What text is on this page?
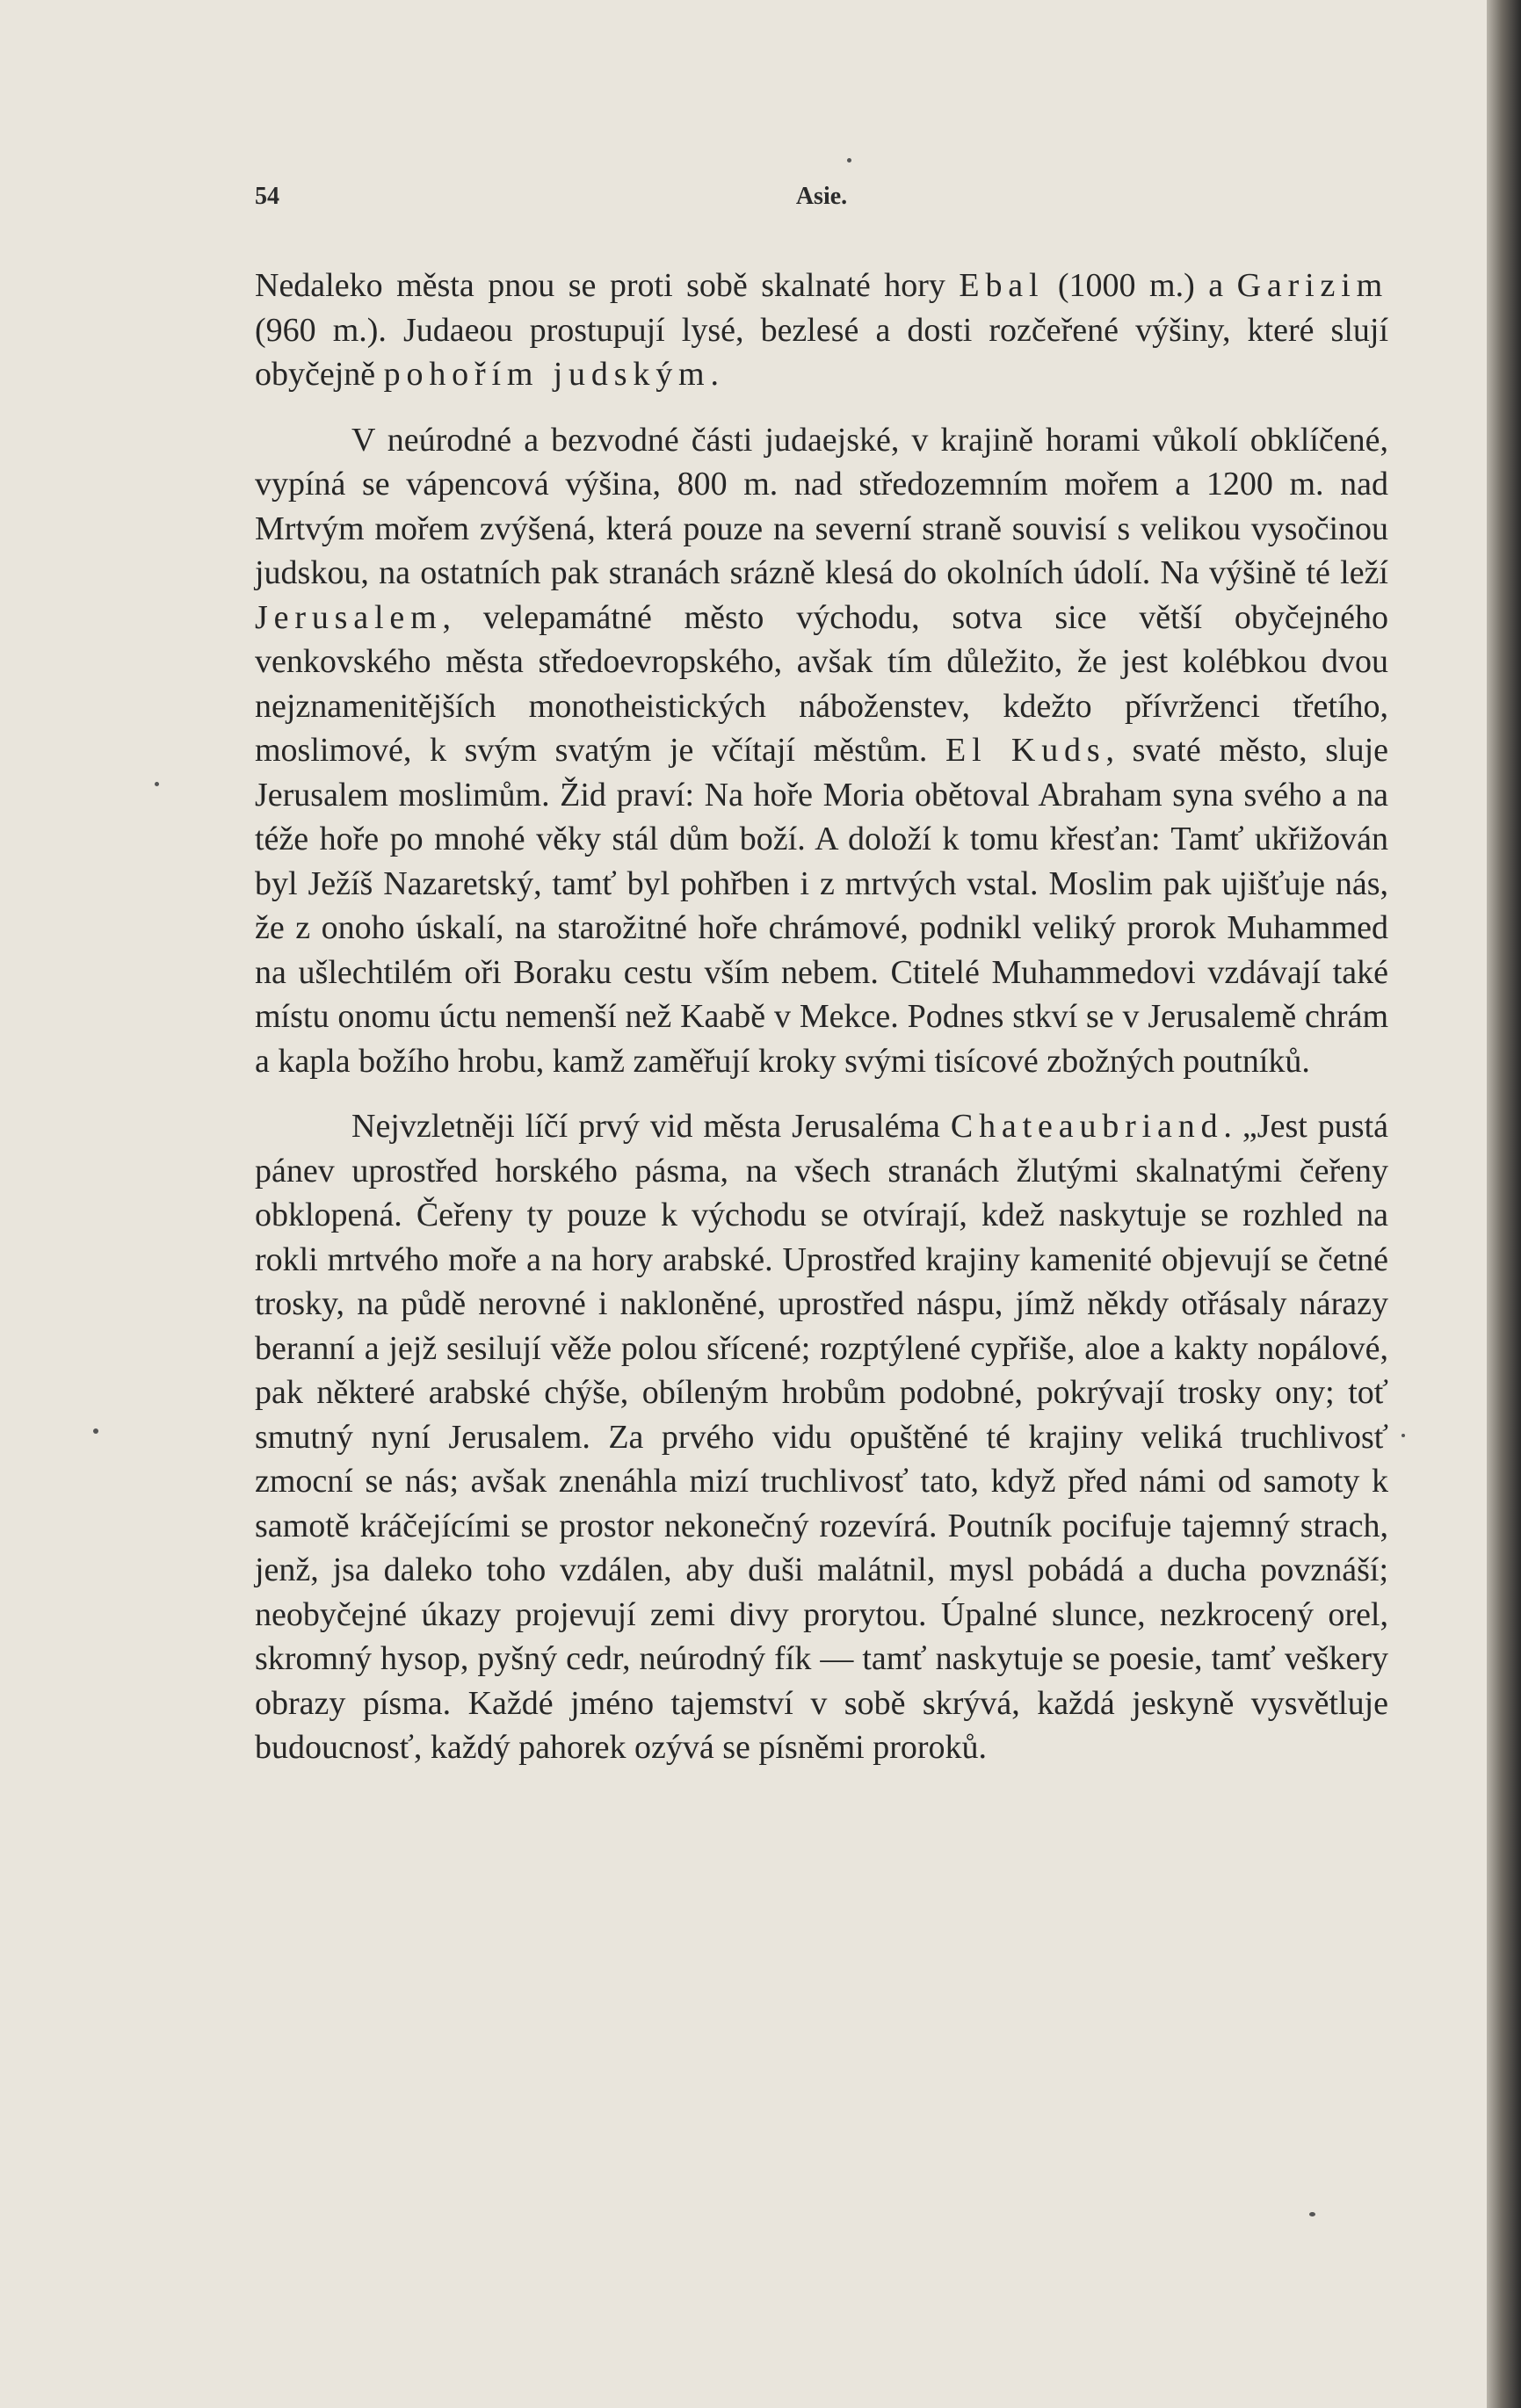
54	Asie.

Nedaleko města pnou se proti sobě skalnaté hory Ebal (1000 m.) a Garizim (960 m.). Judaeou prostupují lysé, bezlesé a dosti rozčeřené výšiny, které slují obyčejně pohořím judským.

V neúrodné a bezvodné části judaejské, v krajině horami vůkolí obklíčené, vypíná se vápencová výšina, 800 m. nad středozemním mořem a 1200 m. nad Mrtvým mořem zvýšená, která pouze na severní straně souvisí s velikou vysočinou judskou, na ostatních pak stranách srázně klesá do okolních údolí. Na výšině té leží Jerusalem, velepamátné město východu, sotva sice větší obyčejného venkovského města středoevropského, avšak tím důležito, že jest kolébkou dvou nejznamenitějších monotheistických náboženstev, kdežto přívrženci třetího, moslimové, k svým svatým je včítají městům. El Kuds, svaté město, sluje Jerusalem moslimům. Žid praví: Na hoře Moria obětoval Abraham syna svého a na téže hoře po mnohé věky stál dům boží. A doloží k tomu křesťan: Tamť ukřižován byl Ježíš Nazaretský, tamť byl pohřben i z mrtvých vstal. Moslim pak ujišťuje nás, že z onoho úskalí, na starožitné hoře chrámové, podnikl veliký prorok Muhammed na ušlechtilém oři Boraku cestu vším nebem. Ctitelé Muhammedovi vzdávají také místu onomu úctu nemenší než Kaabě v Mekce. Podnes stkví se v Jerusalemě chrám a kapla božího hrobu, kamž zaměřují kroky svými tisícové zbožných poutníků.

Nejvzletněji líčí prvý vid města Jerusaléma Chateaubriand. „Jest pustá pánev uprostřed horského pásma, na všech stranách žlutými skalnatými čeřeny obklopená. Čeřeny ty pouze k východu se otvírají, kdež naskytuje se rozhled na rokli mrtvého moře a na hory arabské. Uprostřed krajiny kamenité objevují se četné trosky, na půdě nerovné i nakloněné, uprostřed náspu, jímž někdy otřásaly nárazy beranní a jejž sesilují věže polou sřícené; rozptýlené cypřiše, aloe a kakty nopálové, pak některé arabské chýše, obíleným hrobům podobné, pokrývají trosky ony; toť smutný nyní Jerusalem. Za prvého vidu opuštěné té krajiny veliká truchlivosť zmocní se nás; avšak znenáhla mizí truchlivosť tato, když před námi od samoty k samotě kráčejícími se prostor nekonečný rozevírá. Poutník pocifuje tajemný strach, jenž, jsa daleko toho vzdálen, aby duši malátnil, mysl pobádá a ducha povznáší; neobyčejné úkazy projevují zemi divy prorytou. Úpalné slunce, nezkrocený orel, skromný hysop, pyšný cedr, neúrodný fík — tamť naskytuje se poesie, tamť veškery obrazy písma. Každé jméno tajemství v sobě skrývá, každá jeskyně vysvětluje budoucnosť, každý pahorek ozývá se písněmi proroků.
